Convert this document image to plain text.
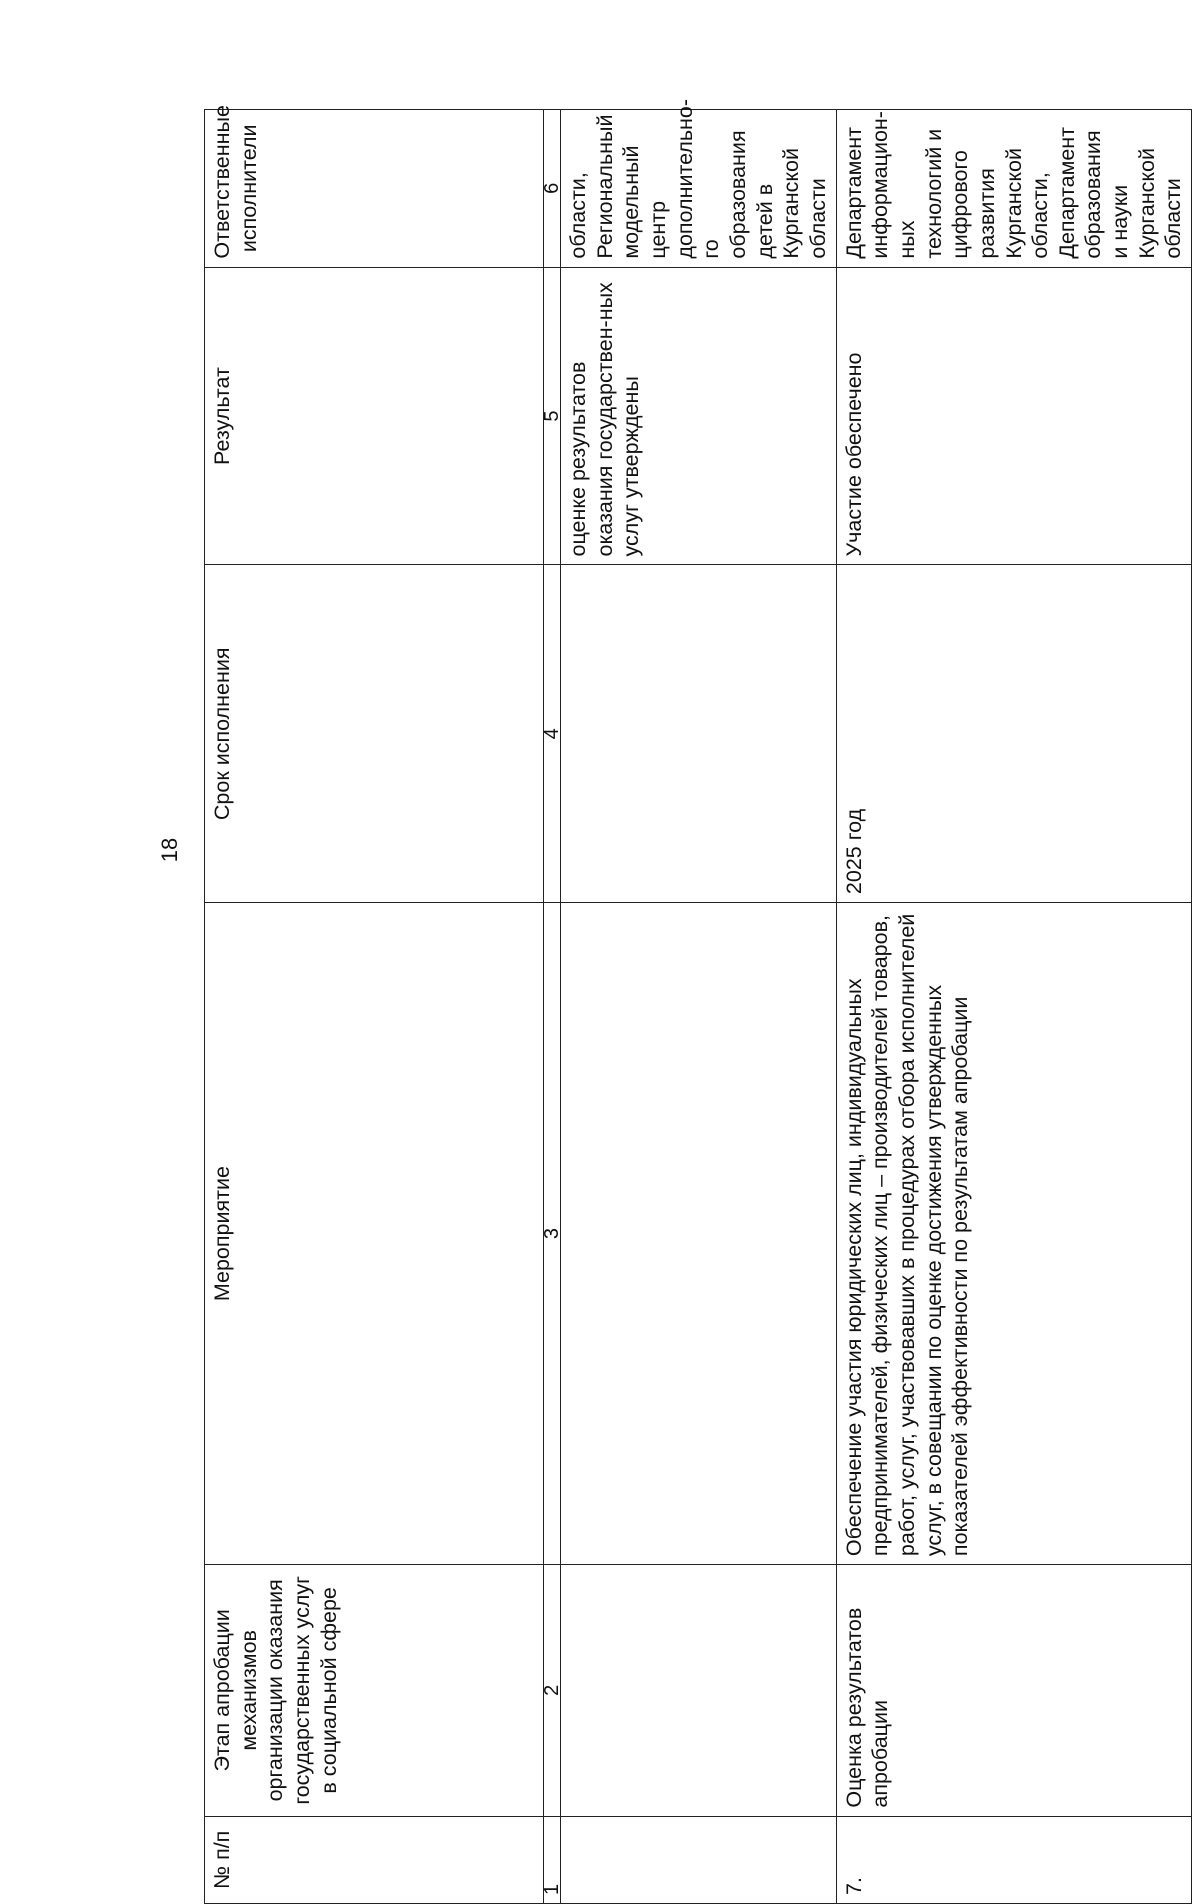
18
№ п/п	Этап апробации механизмов организации оказания государственных услуг в социальной сфере	Мероприятие	Срок исполнения	Результат	Ответственные исполнители
1	2	3	4	5	6
				оценке результатов оказания государствен-ных услуг утверждены	области, Региональный модельный центр дополнительно-го образования детей в Курганской области
7.	Оценка результатов апробации	Обеспечение участия юридических лиц, индивидуальных предпринимателей, физических лиц – производителей товаров, работ, услуг, участвовавших в процедурах отбора исполнителей услуг, в совещании по оценке достижения утвержденных показателей эффективности по результатам апробации	2025 год	Участие обеспечено	Департамент информацион-ных технологий и цифрового развития Курганской области, Департамент образования и науки Курганской области
